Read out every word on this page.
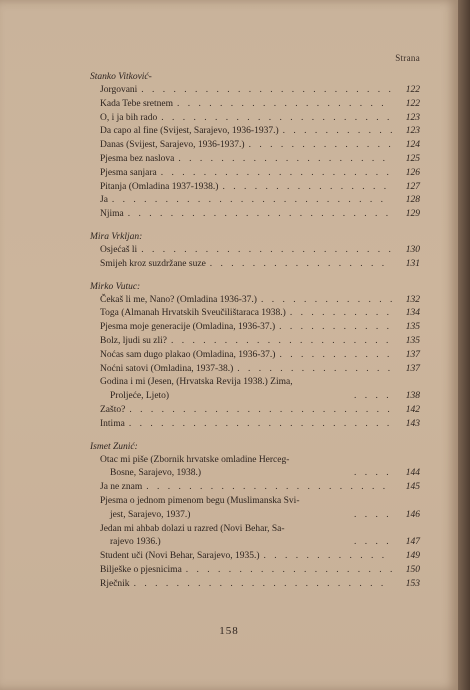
Strana
Stanko Vitković-
Jorgovani . . .	122
Kada Tebe sretnem . . .	122
O, i ja bih rado . . .	123
Da capo al fine (Svijest, Sarajevo, 1936-1937.) . . .	123
Danas (Svijest, Sarajevo, 1936-1937.) . . .	124
Pjesma bez naslova . . .	125
Pjesma sanjara . . .	126
Pitanja (Omladina 1937-1938.) . . .	127
Ja . . .	128
Njima . . .	129
Mira Vrkljan:
Osjećaš li . . .	130
Smijeh kroz suzdržane suze . . .	131
Mirko Vutuc:
Čekaš li me, Nano? (Omladina 1936-37.) . . .	132
Toga (Almanah Hrvatskih Sveučilištaraca 1938.) . . .	134
Pjesma moje generacije (Omladina, 1936-37.) . . .	135
Bolz, ljudi su zli? . . .	135
Noćas sam dugo plakao (Omladina, 1936-37.) . . .	137
Noćni satovi (Omladina, 1937-38.) . . .	137
Godina i mi (Jesen, (Hrvatska Revija 1938.) Zima,
Proljeće, Ljeto) . . .	138
Zašto? . . .	142
Intima . . .	143
Ismet Zunić:
Otac mi piše (Zbornik hrvatske omladine Herceg-
Bosne, Sarajevo, 1938.) . . .	144
Ja ne znam . . .	145
Pjesma o jednom pimenom begu (Muslimanska Svi-
jest, Sarajevo, 1937.) . . .	146
Jedan mi ahbab dolazi u razred (Novi Behar, Sa-
rajevo 1936.) . . .	147
Student uči (Novi Behar, Sarajevo, 1935.) . . .	149
Bilješke o pjesnicima . . .	150
Rječnik . . .	153
158
